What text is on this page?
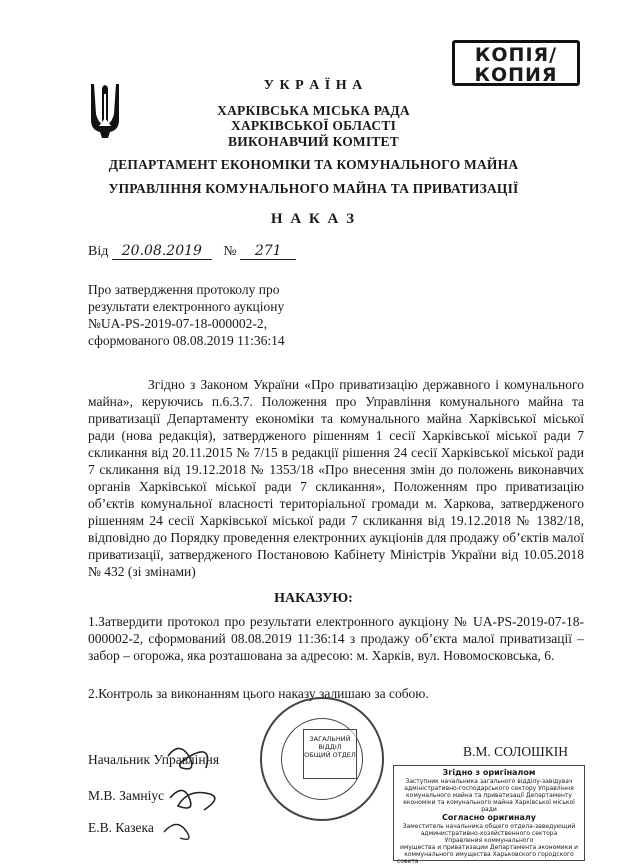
КОПІЯ/
КОПИЯ
У К Р А Ї Н А
ХАРКІВСЬКА МІСЬКА РАДА
ХАРКІВСЬКОЇ ОБЛАСТІ
ВИКОНАВЧИЙ КОМІТЕТ
ДЕПАРТАМЕНТ ЕКОНОМІКИ ТА КОМУНАЛЬНОГО МАЙНА
УПРАВЛІННЯ КОМУНАЛЬНОГО МАЙНА ТА ПРИВАТИЗАЦІЇ
Н А К А З
Від 20.08.2019 № 271
Про затвердження протоколу про
результати електронного аукціону
№UA-PS-2019-07-18-000002-2,
сформованого 08.08.2019 11:36:14
Згідно з Законом України «Про приватизацію державного і комунального майна», керуючись п.6.3.7. Положення про Управління комунального майна та приватизації Департаменту економіки та комунального майна Харківської міської ради (нова редакція), затвердженого рішенням 1 сесії Харківської міської ради 7 скликання від 20.11.2015 № 7/15 в редакції рішення 24 сесії Харківської міської ради 7 скликання від 19.12.2018 № 1353/18 «Про внесення змін до положень виконавчих органів Харківської міської ради 7 скликання», Положенням про приватизацію об’єктів комунальної власності територіальної громади м. Харкова, затвердженого рішенням 24 сесії Харківської міської ради 7 скликання від 19.12.2018 № 1382/18, відповідно до Порядку проведення електронних аукціонів для продажу об’єктів малої приватизації, затвердженого Постановою Кабінету Міністрів України від 10.05.2018 № 432 (зі змінами)
НАКАЗУЮ:
1.Затвердити протокол про результати електронного аукціону № UA-PS-2019-07-18-000002-2, сформований 08.08.2019 11:36:14 з продажу об’єкта малої приватизації – забор – огорожа, яка розташована за адресою: м. Харків, вул. Новомосковська, 6.
2.Контроль за виконанням цього наказу залишаю за собою.
ЗАГАЛЬНИЙ
ВІДДІЛ
ОБЩИЙ ОТДЕЛ
Начальник Управління
В.М. СОЛОШКІН
М.В. Замніус
Е.В. Казека
Згідно з оригіналом
Заступник начальника загального відділу-завідувач
адміністративно-господарського сектору Управління
комунального майна та приватизації Департаменту
економіки та комунального майна Харківської міської ради
Согласно оригиналу
Заместитель начальника общего отдела-заведующий
административно-хозяйственного сектора
Управления коммунального
имущества и приватизации Департамента экономики и
коммунального имущества Харьковского городского
совета
